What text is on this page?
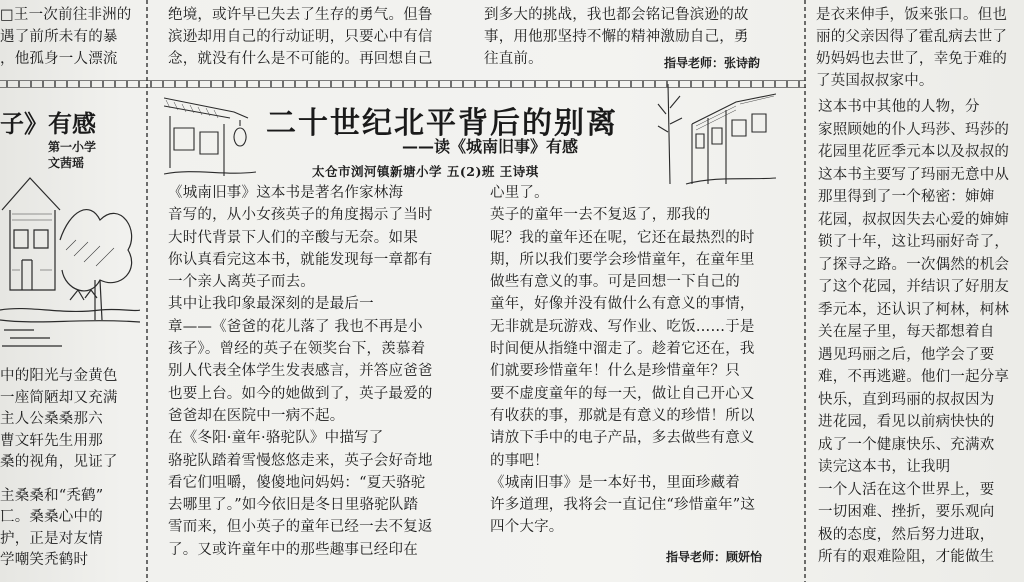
□王一次前往非洲的

遇了前所未有的暴

，他孤身一人漂流

绝境，或许早已失去了生存的勇气。但鲁

滨逊却用自己的行动证明，只要心中有信

念，就没有什么是不可能的。再回想自己

到多大的挑战，我也都会铭记鲁滨逊的故

事，用他那坚持不懈的精神激励自己，勇

往直前。	指导老师：张诗韵

是衣来伸手，饭来张口。但也

丽的父亲因得了霍乱病去世了

奶妈妈也去世了，幸免于难的

了英国叔叔家中。

子》有感
第一小学
文茜瑶

中的阳光与金黄色

一座简陋却又充满

主人公桑桑那六

曹文轩先生用那

桑的视角，见证了

主桑桑和“秃鹤”

匸。桑桑心中的

护，正是对友情

学嘲笑秃鹤时

二十世纪北平背后的别离
——读《城南旧事》有感
太仓市浏河镇新塘小学 五(2)班 王诗琪

《城南旧事》这本书是著名作家林海

音写的，从小女孩英子的角度揭示了当时

大时代背景下人们的辛酸与无奈。如果

你认真看完这本书，就能发现每一章都有

一个亲人离英子而去。

其中让我印象最深刻的是最后一

章——《爸爸的花儿落了 我也不再是小

孩子》。曾经的英子在领奖台下，羡慕着

别人代表全体学生发表感言，并答应爸爸

也要上台。如今的她做到了，英子最爱的

爸爸却在医院中一病不起。

在《冬阳·童年·骆驼队》中描写了

骆驼队踏着雪慢悠悠走来，英子会好奇地

看它们咀嚼，傻傻地问妈妈：“夏天骆驼

去哪里了。”如今依旧是冬日里骆驼队踏

雪而来，但小英子的童年已经一去不复返

了。又或许童年中的那些趣事已经印在

心里了。

英子的童年一去不复返了，那我的

呢？我的童年还在呢，它还在最热烈的时

期，所以我们要学会珍惜童年，在童年里

做些有意义的事。可是回想一下自己的

童年，好像并没有做什么有意义的事情，

无非就是玩游戏、写作业、吃饭……于是

时间便从指缝中溜走了。趁着它还在，我

们就要珍惜童年！什么是珍惜童年？只

要不虚度童年的每一天，做让自己开心又

有收获的事，那就是有意义的珍惜！所以

请放下手中的电子产品，多去做些有意义

的事吧！

《城南旧事》是一本好书，里面珍藏着

许多道理，我将会一直记住“珍惜童年”这

四个大字。

指导老师：顾妍怡

这本书中其他的人物，分

家照顾她的仆人玛莎、玛莎的

花园里花匠季元本以及叔叔的

这本书主要写了玛丽无意中从

那里得到了一个秘密：婶婶

花园，叔叔因失去心爱的婶婶

锁了十年，这让玛丽好奇了，

了探寻之路。一次偶然的机会

了这个花园，并结识了好朋友

季元本，还认识了柯林，柯林

关在屋子里，每天都想着自

遇见玛丽之后，他学会了要

难，不再逃避。他们一起分享

快乐，直到玛丽的叔叔因为

进花园，看见以前病快快的

成了一个健康快乐、充满欢

读完这本书，让我明

一个人活在这个世界上，要

一切困难、挫折，要乐观向

极的态度，然后努力进取，

所有的艰难险阻，才能做生
